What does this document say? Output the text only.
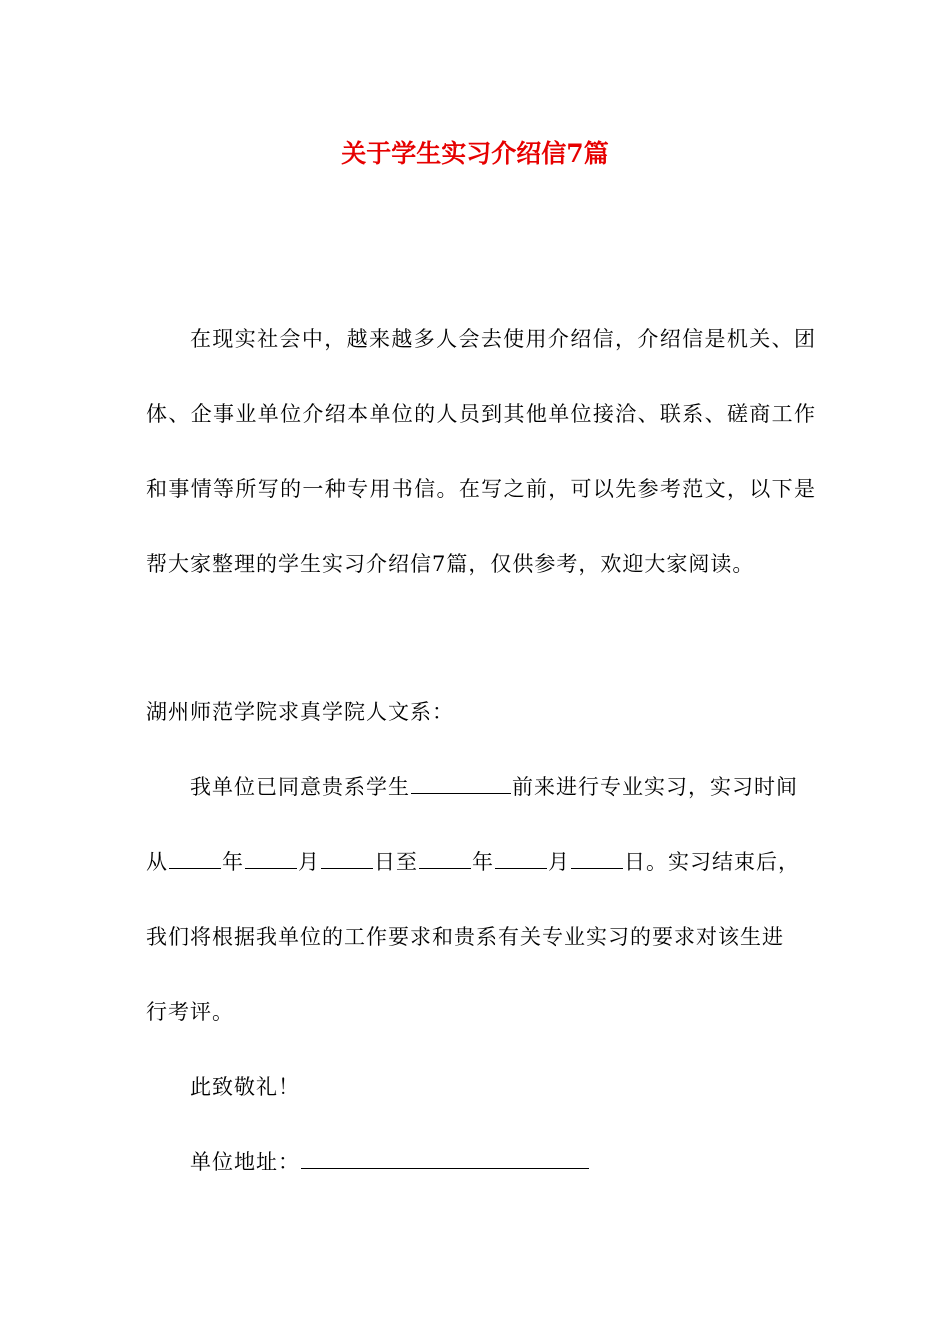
关于学生实习介绍信7篇
在现实社会中，越来越多人会去使用介绍信，介绍信是机关、团体、企事业单位介绍本单位的人员到其他单位接洽、联系、磋商工作和事情等所写的一种专用书信。在写之前，可以先参考范文，以下是帮大家整理的学生实习介绍信7篇，仅供参考，欢迎大家阅读。
湖州师范学院求真学院人文系：
我单位已同意贵系学生	前来进行专业实习，实习时间
从	年	月	日至	年	月	日。实习结束后，
我们将根据我单位的工作要求和贵系有关专业实习的要求对该生进
行考评。
此致敬礼！
单位地址：
